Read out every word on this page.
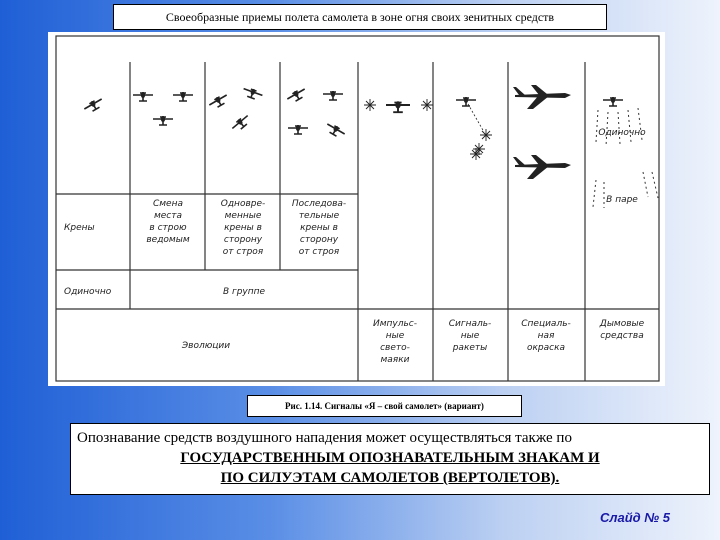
Своеобразные приемы полета самолета в зоне огня своих зенитных средств
Крены
Смена
места
в строю
ведомым
Одновре-
менные
крены в
сторону
от строя
Последова-
тельные
крены в
сторону
от строя
В группе
Эволюции
Импульс-
ные
свето-
маяки
Сигналь-
ные
ракеты
Специаль-
ная
окраска
Дымовые
средства
Одиночно
В паре
Одиночно
Рис. 1.14. Сигналы «Я – свой самолет» (вариант)
Опознавание средств воздушного нападения может осуществляться также по
ГОСУДАРСТВЕННЫМ ОПОЗНАВАТЕЛЬНЫМ ЗНАКАМ И
ПО СИЛУЭТАМ САМОЛЕТОВ (ВЕРТОЛЕТОВ).
Слайд № 5
